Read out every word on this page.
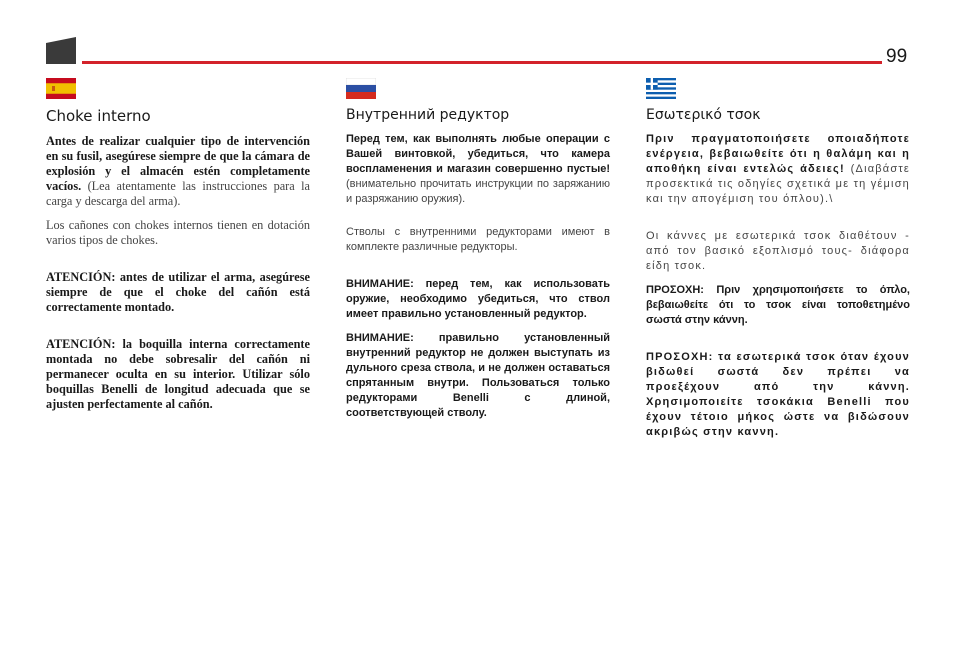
99
Choke interno

Antes de realizar cualquier tipo de intervención en su fusil, asegúrese siempre de que la cámara de explosión y el almacén estén completamente vacíos. (Lea atentamente las instrucciones para la carga y descarga del arma).

Los cañones con chokes internos tienen en dotación varios tipos de chokes.

ATENCIÓN: antes de utilizar el arma, asegúrese siempre de que el choke del cañón está correctamente montado.

ATENCIÓN: la boquilla interna correctamente montada no debe sobresalir del cañón ni permanecer oculta en su interior. Utilizar sólo boquillas Benelli de longitud adecuada que se ajusten perfectamente al cañón.

Внутренний редуктор

Перед тем, как выполнять любые операции с Вашей винтовкой, убедиться, что камера воспламенения и магазин совершенно пустые! (внимательно прочитать инструкции по заряжанию и разряжанию оружия).

Стволы с внутренними редукторами имеют в комплекте различные редукторы.

ВНИМАНИЕ: перед тем, как использовать оружие, необходимо убедиться, что ствол имеет правильно установленный редуктор.

ВНИМАНИЕ: правильно установленный внутренний редуктор не должен выступать из дульного среза ствола, и не должен оставаться спрятанным внутри. Пользоваться только редукторами Benelli с длиной, соответствующей стволу.

Εσωτερικό τσοκ

Πριν πραγματοποιήσετε οποιαδήποτε ενέργεια, βεβαιωθείτε ότι η θαλάμη και η αποθήκη είναι εντελώς άδειες! (Διαβάστε προσεκτικά τις οδηγίες σχετικά με τη γέμιση και την απογέμιση του όπλου).\

Οι κάννες με εσωτερικά τσοκ διαθέτουν - από τον βασικό εξοπλισμό τους- διάφορα είδη τσοκ.

ΠΡΟΣΟΧΗ: Πριν χρησιμοποιήσετε το όπλο, βεβαιωθείτε ότι το τσοκ είναι τοποθετημένο σωστά στην κάννη.

ΠΡΟΣΟΧΗ: τα εσωτερικά τσοκ όταν έχουν βιδωθεί σωστά δεν πρέπει να προεξέχουν από την κάννη. Χρησιμοποιείτε τσοκάκια Benelli που έχουν τέτοιο μήκος ώστε να βιδώσουν ακριβώς στην καννη.
